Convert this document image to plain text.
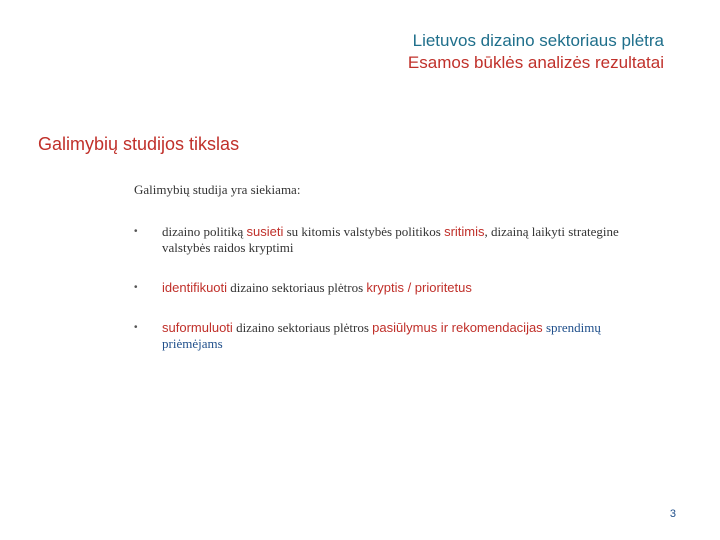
Lietuvos dizaino sektoriaus plėtra
Esamos būklės analizės rezultatai
Galimybių studijos tikslas
Galimybių studija yra siekiama:
•	dizaino politiką susieti su kitomis valstybės politikos sritimis, dizainą laikyti strategine valstybės raidos kryptimi
•	identifikuoti dizaino sektoriaus plėtros kryptis / prioritetus
•	suformuluoti dizaino sektoriaus plėtros pasiūlymus ir rekomendacijas sprendimų priėmėjams
3
